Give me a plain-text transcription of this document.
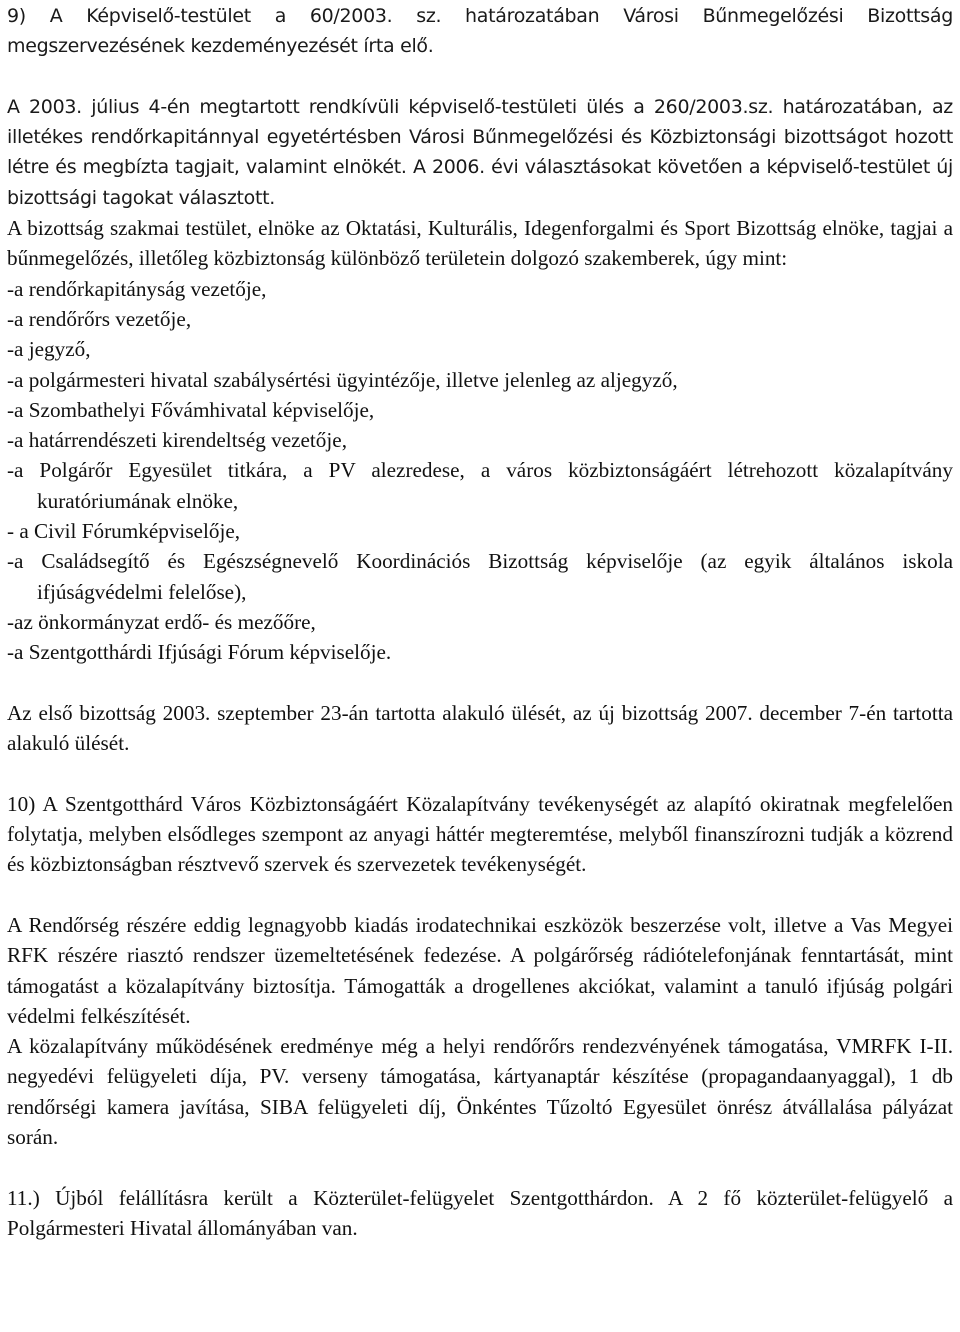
9) A Képviselő-testület a 60/2003. sz. határozatában Városi Bűnmegelőzési Bizottság megszervezésének kezdeményezését írta elő.

A 2003. július 4-én megtartott rendkívüli képviselő-testületi ülés a 260/2003.sz. határozatában, az illetékes rendőrkapitánnyal egyetértésben Városi Bűnmegelőzési és Közbiztonsági bizottságot hozott létre és megbízta tagjait, valamint elnökét. A 2006. évi választásokat követően a képviselő-testület új bizottsági tagokat választott.

A bizottság szakmai testület, elnöke az Oktatási, Kulturális, Idegenforgalmi és Sport Bizottság elnöke, tagjai a bűnmegelőzés, illetőleg közbiztonság különböző területein dolgozó szakemberek, úgy mint:

-a rendőrkapitányság vezetője,
-a rendőrőrs vezetője,
-a jegyző,
-a polgármesteri hivatal szabálysértési ügyintézője, illetve jelenleg az aljegyző,
-a Szombathelyi Fővámhivatal képviselője,
-a határrendészeti kirendeltség vezetője,
-a Polgárőr Egyesület titkára, a PV alezredese, a város közbiztonságáért létrehozott közalapítvány kuratóriumának elnöke,
- a Civil Fórumképviselője,
-a Családsegítő és Egészségnevelő Koordinációs Bizottság képviselője (az egyik általános iskola ifjúságvédelmi felelőse),
-az önkormányzat erdő- és mezőőre,
-a Szentgotthárdi Ifjúsági Fórum képviselője.

Az első bizottság 2003. szeptember 23-án tartotta alakuló ülését, az új bizottság 2007. december 7-én tartotta alakuló ülését.

10) A Szentgotthárd Város Közbiztonságáért Közalapítvány tevékenységét az alapító okiratnak megfelelően folytatja, melyben elsődleges szempont az anyagi háttér megteremtése, melyből finanszírozni tudják a közrend és közbiztonságban résztvevő szervek és szervezetek tevékenységét.

A Rendőrség részére eddig legnagyobb kiadás irodatechnikai eszközök beszerzése volt, illetve a Vas Megyei RFK részére riasztó rendszer üzemeltetésének fedezése. A polgárőrség rádiótelefonjának fenntartását, mint támogatást a közalapítvány biztosítja. Támogatták a drogellenes akciókat, valamint a tanuló ifjúság polgári védelmi felkészítését.

A közalapítvány működésének eredménye még a helyi rendőrőrs rendezvényének támogatása, VMRFK I-II. negyedévi felügyeleti díja, PV. verseny támogatása, kártyanaptár készítése (propagandaanyaggal), 1 db rendőrségi kamera javítása, SIBA felügyeleti díj, Önkéntes Tűzoltó Egyesület önrész átvállalása pályázat során.

11.) Újból felállításra került a Közterület-felügyelet Szentgotthárdon. A 2 fő közterület-felügyelő a Polgármesteri Hivatal állományában van.
